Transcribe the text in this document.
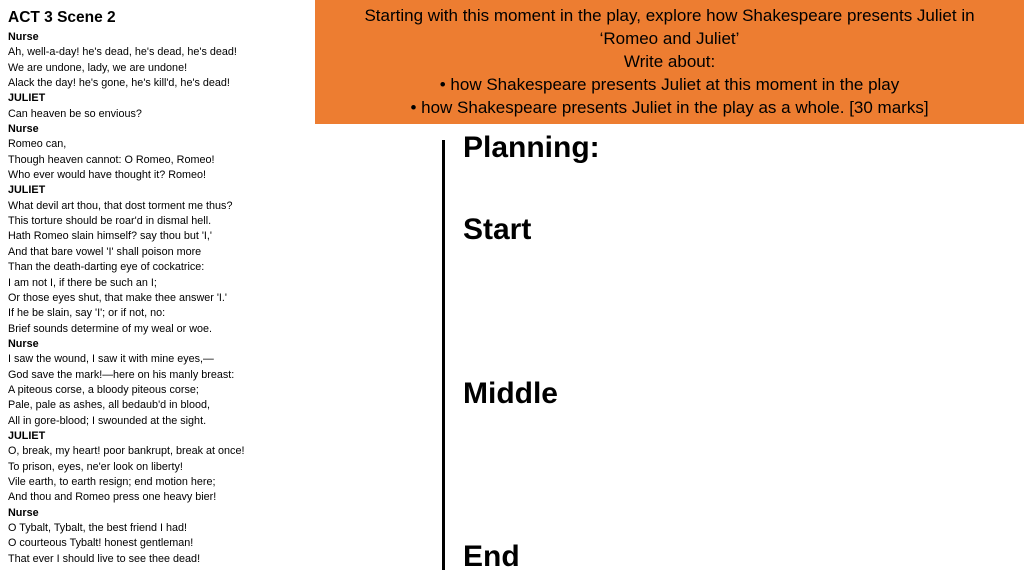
ACT 3 Scene 2
Nurse
Ah, well-a-day! he's dead, he's dead, he's dead!
We are undone, lady, we are undone!
Alack the day! he's gone, he's kill'd, he's dead!
JULIET
Can heaven be so envious?
Nurse
Romeo can,
Though heaven cannot: O Romeo, Romeo!
Who ever would have thought it? Romeo!
JULIET
What devil art thou, that dost torment me thus?
This torture should be roar'd in dismal hell.
Hath Romeo slain himself? say thou but 'I,'
And that bare vowel 'I' shall poison more
Than the death-darting eye of cockatrice:
I am not I, if there be such an I;
Or those eyes shut, that make thee answer 'I.'
If he be slain, say 'I'; or if not, no:
Brief sounds determine of my weal or woe.
Nurse
I saw the wound, I saw it with mine eyes,—
God save the mark!—here on his manly breast:
A piteous corse, a bloody piteous corse;
Pale, pale as ashes, all bedaub'd in blood,
All in gore-blood; I swounded at the sight.
JULIET
O, break, my heart! poor bankrupt, break at once!
To prison, eyes, ne'er look on liberty!
Vile earth, to earth resign; end motion here;
And thou and Romeo press one heavy bier!
Nurse
O Tybalt, Tybalt, the best friend I had!
O courteous Tybalt! honest gentleman!
That ever I should live to see thee dead!
Starting with this moment in the play, explore how Shakespeare presents Juliet in
‘Romeo and Juliet’
Write about:
• how Shakespeare presents Juliet at this moment in the play
• how Shakespeare presents Juliet in the play as a whole. [30 marks]
Planning:
Start
Middle
End
